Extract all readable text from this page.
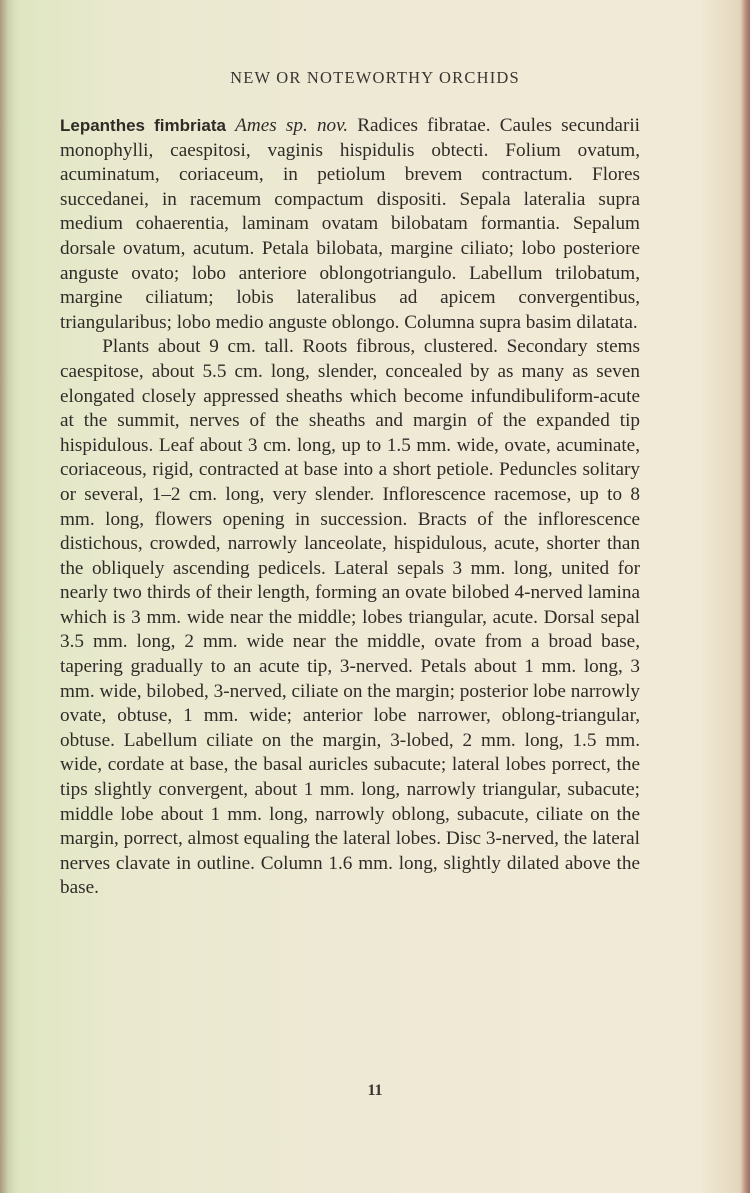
NEW OR NOTEWORTHY ORCHIDS

Lepanthes fimbriata Ames sp. nov. Radices fibratae. Caules secundarii monophylli, caespitosi, vaginis hispidulis obtecti. Folium ovatum, acuminatum, coriaceum, in petiolum brevem contractum. Flores succedanei, in racemum compactum dispositi. Sepala lateralia supra medium cohaerentia, laminam ovatam bilobatam formantia. Sepalum dorsale ovatum, acutum. Petala bilobata, margine ciliato; lobo posteriore anguste ovato; lobo anteriore oblongotriangulo. Labellum trilobatum, margine ciliatum; lobis lateralibus ad apicem convergentibus, triangularibus; lobo medio anguste oblongo. Columna supra basim dilatata.

Plants about 9 cm. tall. Roots fibrous, clustered. Secondary stems caespitose, about 5.5 cm. long, slender, concealed by as many as seven elongated closely appressed sheaths which become infundibuliform-acute at the summit, nerves of the sheaths and margin of the expanded tip hispidulous. Leaf about 3 cm. long, up to 1.5 mm. wide, ovate, acuminate, coriaceous, rigid, contracted at base into a short petiole. Peduncles solitary or several, 1–2 cm. long, very slender. Inflorescence racemose, up to 8 mm. long, flowers opening in succession. Bracts of the inflorescence distichous, crowded, narrowly lanceolate, hispidulous, acute, shorter than the obliquely ascending pedicels. Lateral sepals 3 mm. long, united for nearly two thirds of their length, forming an ovate bilobed 4-nerved lamina which is 3 mm. wide near the middle; lobes triangular, acute. Dorsal sepal 3.5 mm. long, 2 mm. wide near the middle, ovate from a broad base, tapering gradually to an acute tip, 3-nerved. Petals about 1 mm. long, 3 mm. wide, bilobed, 3-nerved, ciliate on the margin; posterior lobe narrowly ovate, obtuse, 1 mm. wide; anterior lobe narrower, oblong-triangular, obtuse. Labellum ciliate on the margin, 3-lobed, 2 mm. long, 1.5 mm. wide, cordate at base, the basal auricles subacute; lateral lobes porrect, the tips slightly convergent, about 1 mm. long, narrowly triangular, subacute; middle lobe about 1 mm. long, narrowly oblong, subacute, ciliate on the margin, porrect, almost equaling the lateral lobes. Disc 3-nerved, the lateral nerves clavate in outline. Column 1.6 mm. long, slightly dilated above the base.

11
